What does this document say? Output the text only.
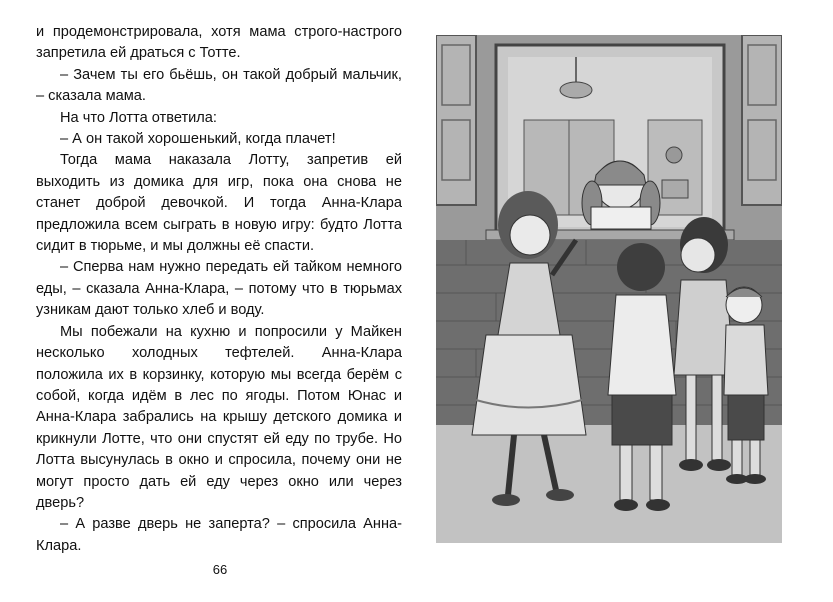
и продемонстрировала, хотя мама строго-настрого запретила ей драться с Тотте.

– Зачем ты его бьёшь, он такой добрый мальчик, – сказала мама.

На что Лотта ответила:

– А он такой хорошенький, когда плачет!

Тогда мама наказала Лотту, запретив ей выходить из домика для игр, пока она снова не станет доброй девочкой. И тогда Анна-Клара предложила всем сыграть в новую игру: будто Лотта сидит в тюрьме, и мы должны её спасти.

– Сперва нам нужно передать ей тайком немного еды, – сказала Анна-Клара, – потому что в тюрьмах узникам дают только хлеб и воду.

Мы побежали на кухню и попросили у Майкен несколько холодных тефтелей. Анна-Клара положила их в корзинку, которую мы всегда берём с собой, когда идём в лес по ягоды. Потом Юнас и Анна-Клара забрались на крышу детского домика и крикнули Лотте, что они спустят ей еду по трубе. Но Лотта высунулась в окно и спросила, почему они не могут просто дать ей еду через окно или через дверь?

– А разве дверь не заперта? – спросила Анна-Клара.

66
